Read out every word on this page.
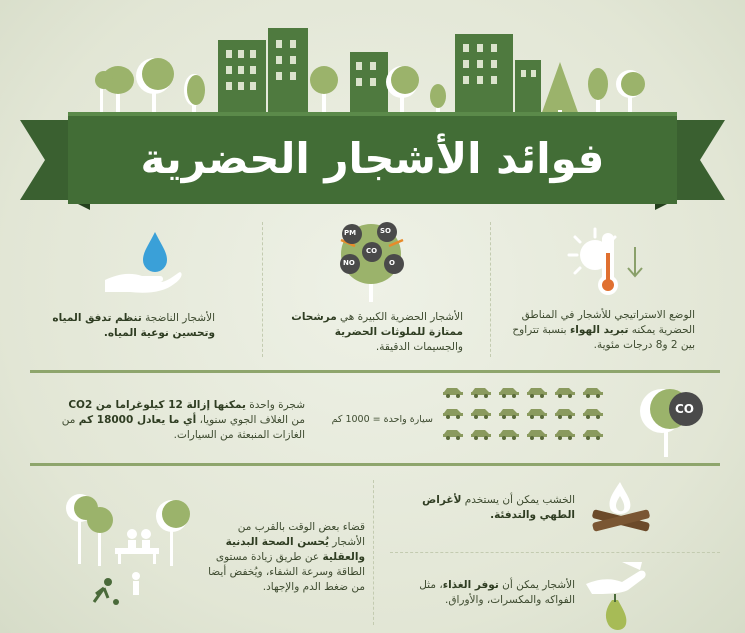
فوائد الأشجار الحضرية
الوضع الاستراتيجي للأشجار في المناطق الحضرية يمكنه تبريد الهواء بنسبة تتراوح بين 2 و8 درجات مئوية.
PM	SO
CO
NO	O
الأشجار الحضرية الكبيرة هي مرشحات ممتازة للملوثات الحضرية والجسيمات الدقيقة.
الأشجار الناضجة تنظم تدفق المياه وتحسين نوعية المياه.
CO
سيارة واحدة = 1000 كم
شجرة واحدة يمكنها إزالة 12 كيلوغراما من CO2 من الغلاف الجوي سنويا، أي ما يعادل 18000 كم من الغازات المنبعثة من السيارات.
قضاء بعض الوقت بالقرب من الأشجار يُحسن الصحة البدنية والعقلية عن طريق زيادة مستوى الطاقة وسرعة الشفاء، ويُخفض أيضا من ضغط الدم والإجهاد.
الخشب يمكن أن يستخدم لأغراض الطهي والتدفئة.
الأشجار يمكن أن توفر الغذاء، مثل الفواكه والمكسرات، والأوراق.
